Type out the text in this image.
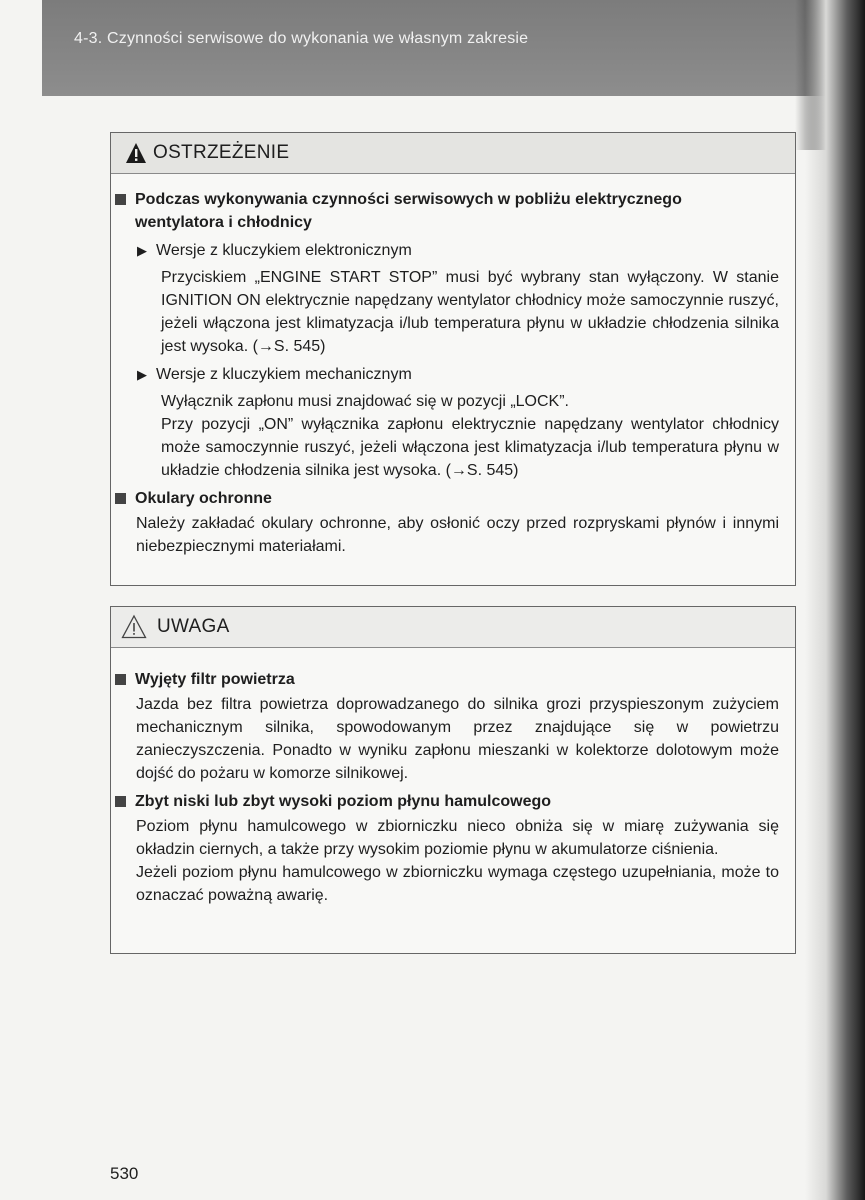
4-3. Czynności serwisowe do wykonania we własnym zakresie
OSTRZEŻENIE
Podczas wykonywania czynności serwisowych w pobliżu elektrycznego
wentylatora i chłodnicy
▶ Wersje z kluczykiem elektronicznym

Przyciskiem „ENGINE START STOP” musi być wybrany stan wyłączony. W stanie IGNITION ON elektrycznie napędzany wentylator chłodnicy może samoczynnie ruszyć, jeżeli włączona jest klimatyzacja i/lub temperatura płynu w układzie chłodzenia silnika jest wysoka. (→S. 545)

▶ Wersje z kluczykiem mechanicznym

Wyłącznik zapłonu musi znajdować się w pozycji „LOCK”.

Przy pozycji „ON” wyłącznika zapłonu elektrycznie napędzany wentylator chłodnicy może samoczynnie ruszyć, jeżeli włączona jest klimatyzacja i/lub temperatura płynu w układzie chłodzenia silnika jest wysoka. (→S. 545)

Okulary ochronne

Należy zakładać okulary ochronne, aby osłonić oczy przed rozpryskami płynów i innymi niebezpiecznymi materiałami.

UWAGA
Wyjęty filtr powietrza

Jazda bez filtra powietrza doprowadzanego do silnika grozi przyspieszonym zużyciem mechanicznym silnika, spowodowanym przez znajdujące się w powietrzu zanieczyszczenia. Ponadto w wyniku zapłonu mieszanki w kolektorze dolotowym może dojść do pożaru w komorze silnikowej.

Zbyt niski lub zbyt wysoki poziom płynu hamulcowego

Poziom płynu hamulcowego w zbiorniczku nieco obniża się w miarę zużywania się okładzin ciernych, a także przy wysokim poziomie płynu w akumulatorze ciśnienia.

Jeżeli poziom płynu hamulcowego w zbiorniczku wymaga częstego uzupełniania, może to oznaczać poważną awarię.

530
